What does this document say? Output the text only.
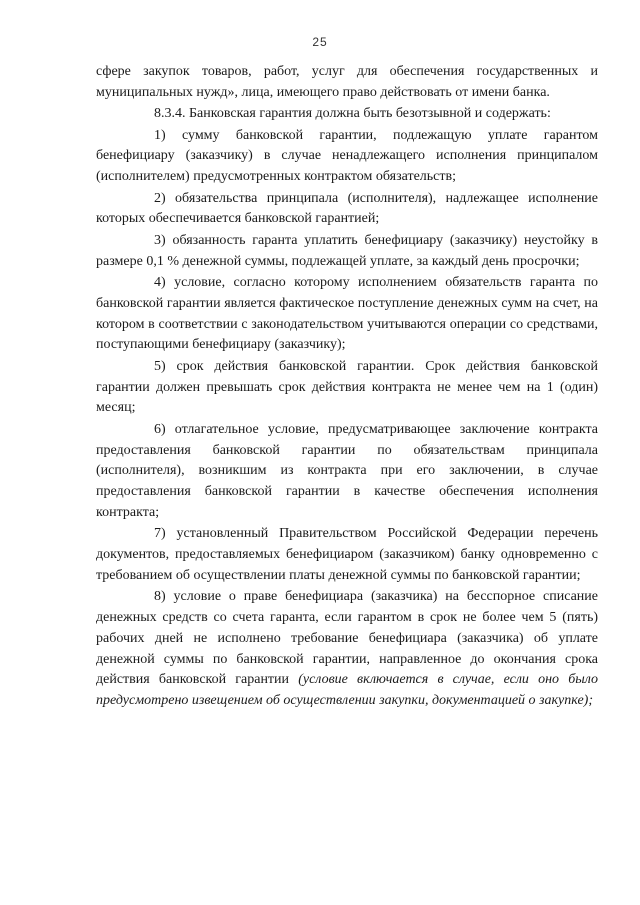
25

сфере закупок товаров, работ, услуг для обеспечения государственных и муниципальных нужд», лица, имеющего право действовать от имени банка.

8.3.4. Банковская гарантия должна быть безотзывной и содержать:

1) сумму банковской гарантии, подлежащую уплате гарантом бенефициару (заказчику) в случае ненадлежащего исполнения принципалом (исполнителем) предусмотренных контрактом обязательств;

2) обязательства принципала (исполнителя), надлежащее исполнение которых обеспечивается банковской гарантией;

3) обязанность гаранта уплатить бенефициару (заказчику) неустойку в размере 0,1 % денежной суммы, подлежащей уплате, за каждый день просрочки;

4) условие, согласно которому исполнением обязательств гаранта по банковской гарантии является фактическое поступление денежных сумм на счет, на котором в соответствии с законодательством учитываются операции со средствами, поступающими бенефициару (заказчику);

5) срок действия банковской гарантии. Срок действия банковской гарантии должен превышать срок действия контракта не менее чем на 1 (один) месяц;

6) отлагательное условие, предусматривающее заключение контракта предоставления банковской гарантии по обязательствам принципала (исполнителя), возникшим из контракта при его заключении, в случае предоставления банковской гарантии в качестве обеспечения исполнения контракта;

7) установленный Правительством Российской Федерации перечень документов, предоставляемых бенефициаром (заказчиком) банку одновременно с требованием об осуществлении платы денежной суммы по банковской гарантии;

8) условие о праве бенефициара (заказчика) на бесспорное списание денежных средств со счета гаранта, если гарантом в срок не более чем 5 (пять) рабочих дней не исполнено требование бенефициара (заказчика) об уплате денежной суммы по банковской гарантии, направленное до окончания срока действия банковской гарантии (условие включается в случае, если оно было предусмотрено извещением об осуществлении закупки, документацией о закупке);
